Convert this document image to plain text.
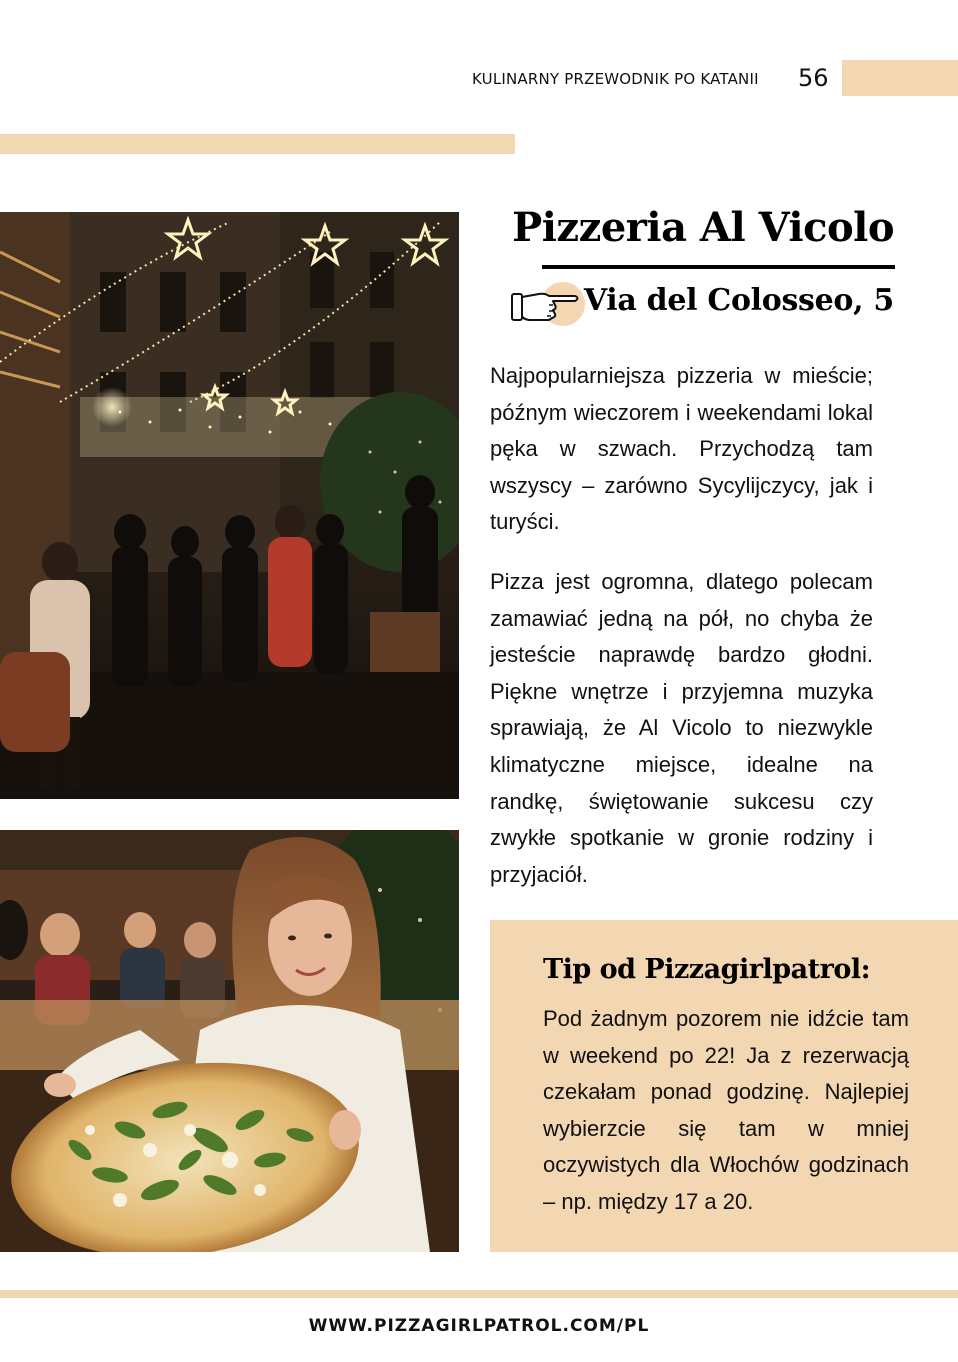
KULINARNY PRZEWODNIK PO KATANII 56
Pizzeria Al Vicolo
Via del Colosseo, 5

Najpopularniejsza pizzeria w mieście; późnym wieczorem i weekendami lokal pęka w szwach. Przychodzą tam wszyscy – zarówno Sycylijczycy, jak i turyści.

Pizza jest ogromna, dlatego polecam zamawiać jedną na pół, no chyba że jesteście naprawdę bardzo głodni. Piękne wnętrze i przyjemna muzyka sprawiają, że Al Vicolo to niezwykle klimatyczne miejsce, idealne na randkę, świętowanie sukcesu czy zwykłe spotkanie w gronie rodziny i przyjaciół.

Tip od Pizzagirlpatrol:

Pod żadnym pozorem nie idźcie tam w weekend po 22! Ja z rezerwacją czekałam ponad godzinę. Najlepiej wybierzcie się tam w mniej oczywistych dla Włochów godzinach – np. między 17 a 20.

WWW.PIZZAGIRLPATROL.COM/PL
